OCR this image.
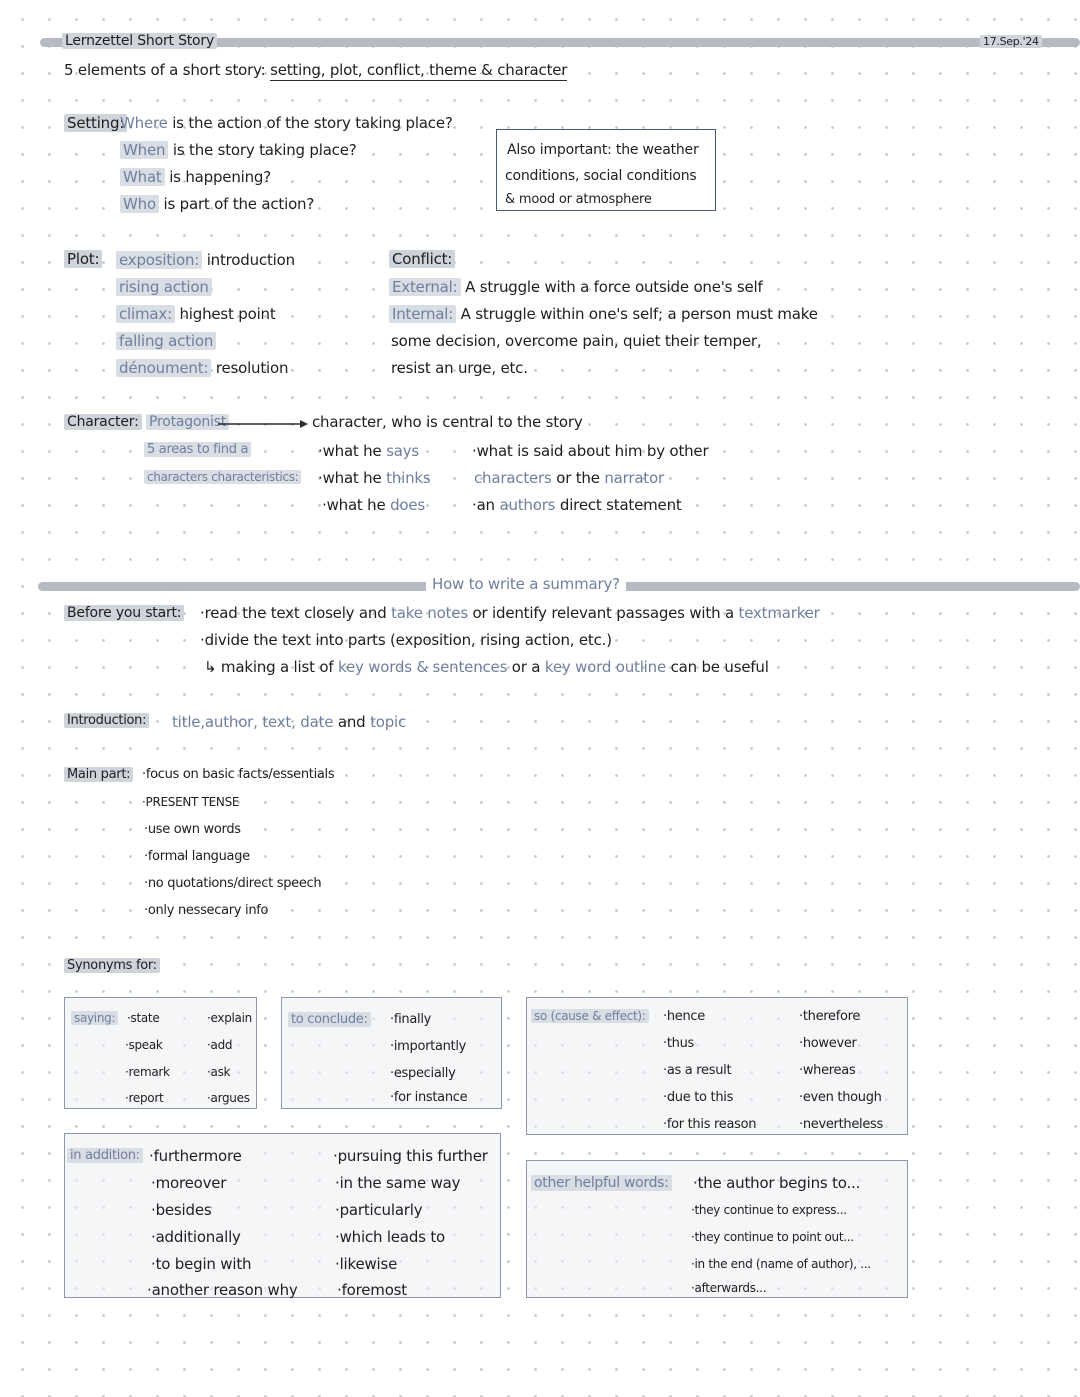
Lernzettel Short Story	17.Sep.'24
5 elements of a short story: setting, plot, conflict, theme & character
Setting:
Where is the action of the story taking place?
When is the story taking place?
What is happening?
Who is part of the action?
Also important: the weather
conditions, social conditions
& mood or atmosphere
Plot: exposition: introduction
rising action
climax: highest point
falling action
dénoument: resolution
Conflict:
External: A struggle with a force outside one's self
Internal: A struggle within one's self; a person must make
some decision, overcome pain, quiet their temper,
resist an urge, etc.
Character: Protagonist	character, who is central to the story
5 areas to find a
characters characteristics:
·what he says
·what he thinks
·what he does
·what is said about him by other
characters or the narrator
·an authors direct statement
How to write a summary?
Before you start: ·read the text closely and take notes or identify relevant passages with a textmarker
·divide the text into parts (exposition, rising action, etc.)
↳ making a list of key words & sentences or a key word outline can be useful
Introduction: title,author, text, date and topic
Main part: ·focus on basic facts/essentials
·PRESENT TENSE
·use own words
·formal language
·no quotations/direct speech
·only nessecary info
Synonyms for:
saying: ·state
·speak
·remark
·report
·explain
·add
·ask
·argues
to conclude: ·finally
·importantly
·especially
·for instance
so (cause & effect): ·hence
·thus
·as a result
·due to this
·for this reason
·therefore
·however
·whereas
·even though
·nevertheless
in addition: ·furthermore
·moreover
·besides
·additionally
·to begin with
·another reason why
·pursuing this further
·in the same way
·particularly
·which leads to
·likewise
·foremost
other helpful words: ·the author begins to...
·they continue to express...
·they continue to point out...
·in the end (name of author), ...
·afterwards...
